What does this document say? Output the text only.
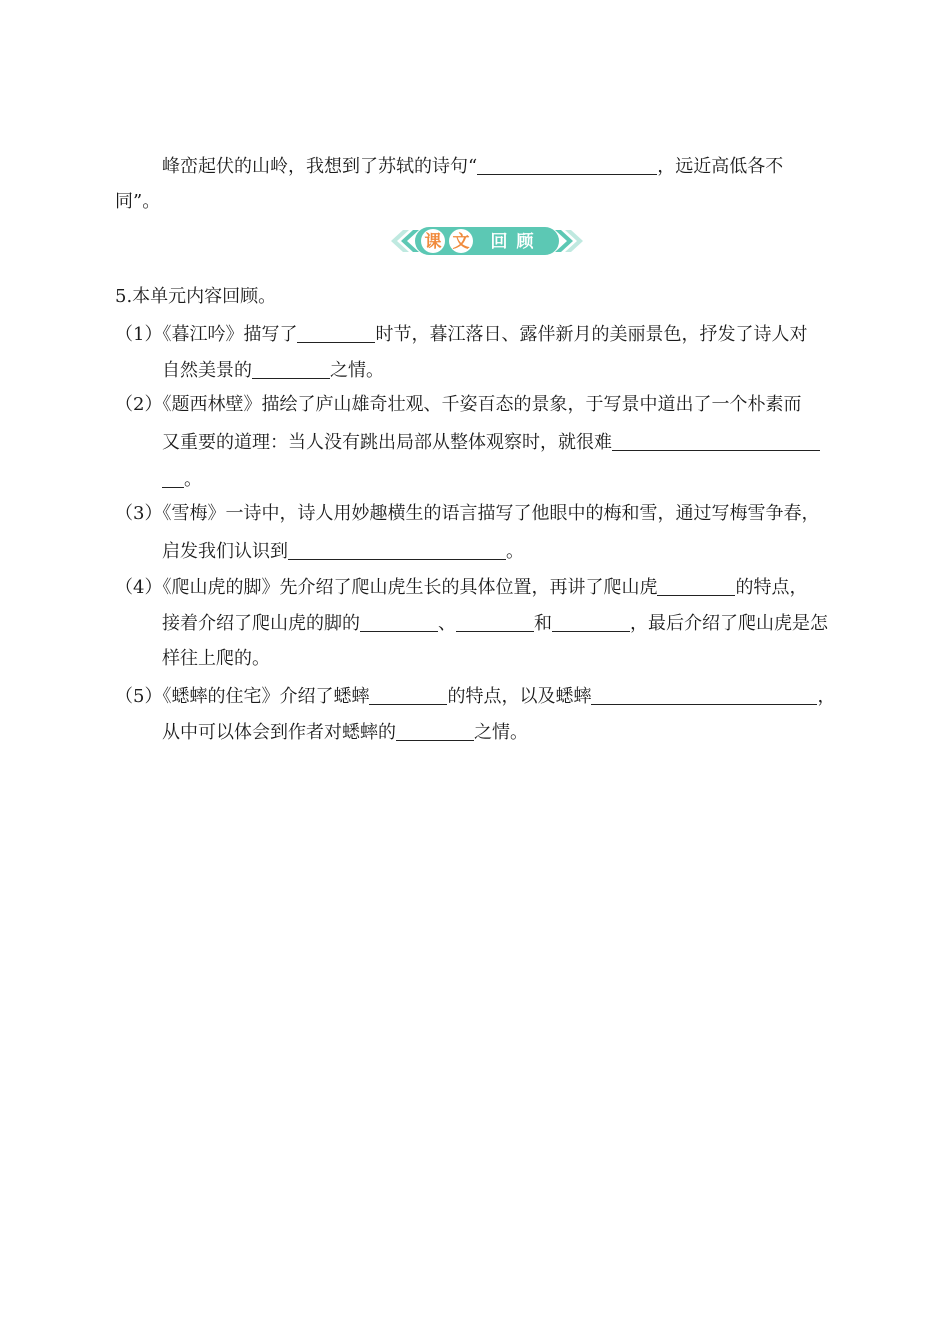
峰峦起伏的山岭，我想到了苏轼的诗句“	，远近高低各不
同”。
课 文 回 顾
5.本单元内容回顾。
（1）《暮江吟》描写了	时节，暮江落日、露伴新月的美丽景色，抒发了诗人对
自然美景的	之情。
（2）《题西林壁》描绘了庐山雄奇壮观、千姿百态的景象，于写景中道出了一个朴素而
又重要的道理：当人没有跳出局部从整体观察时，就很难
。
（3）《雪梅》一诗中，诗人用妙趣横生的语言描写了他眼中的梅和雪，通过写梅雪争春，
启发我们认识到	。
（4）《爬山虎的脚》先介绍了爬山虎生长的具体位置，再讲了爬山虎	的特点，
接着介绍了爬山虎的脚的	、	和	，最后介绍了爬山虎是怎
样往上爬的。
（5）《蟋蟀的住宅》介绍了蟋蟀	的特点，以及蟋蟀	，
从中可以体会到作者对蟋蟀的	之情。
